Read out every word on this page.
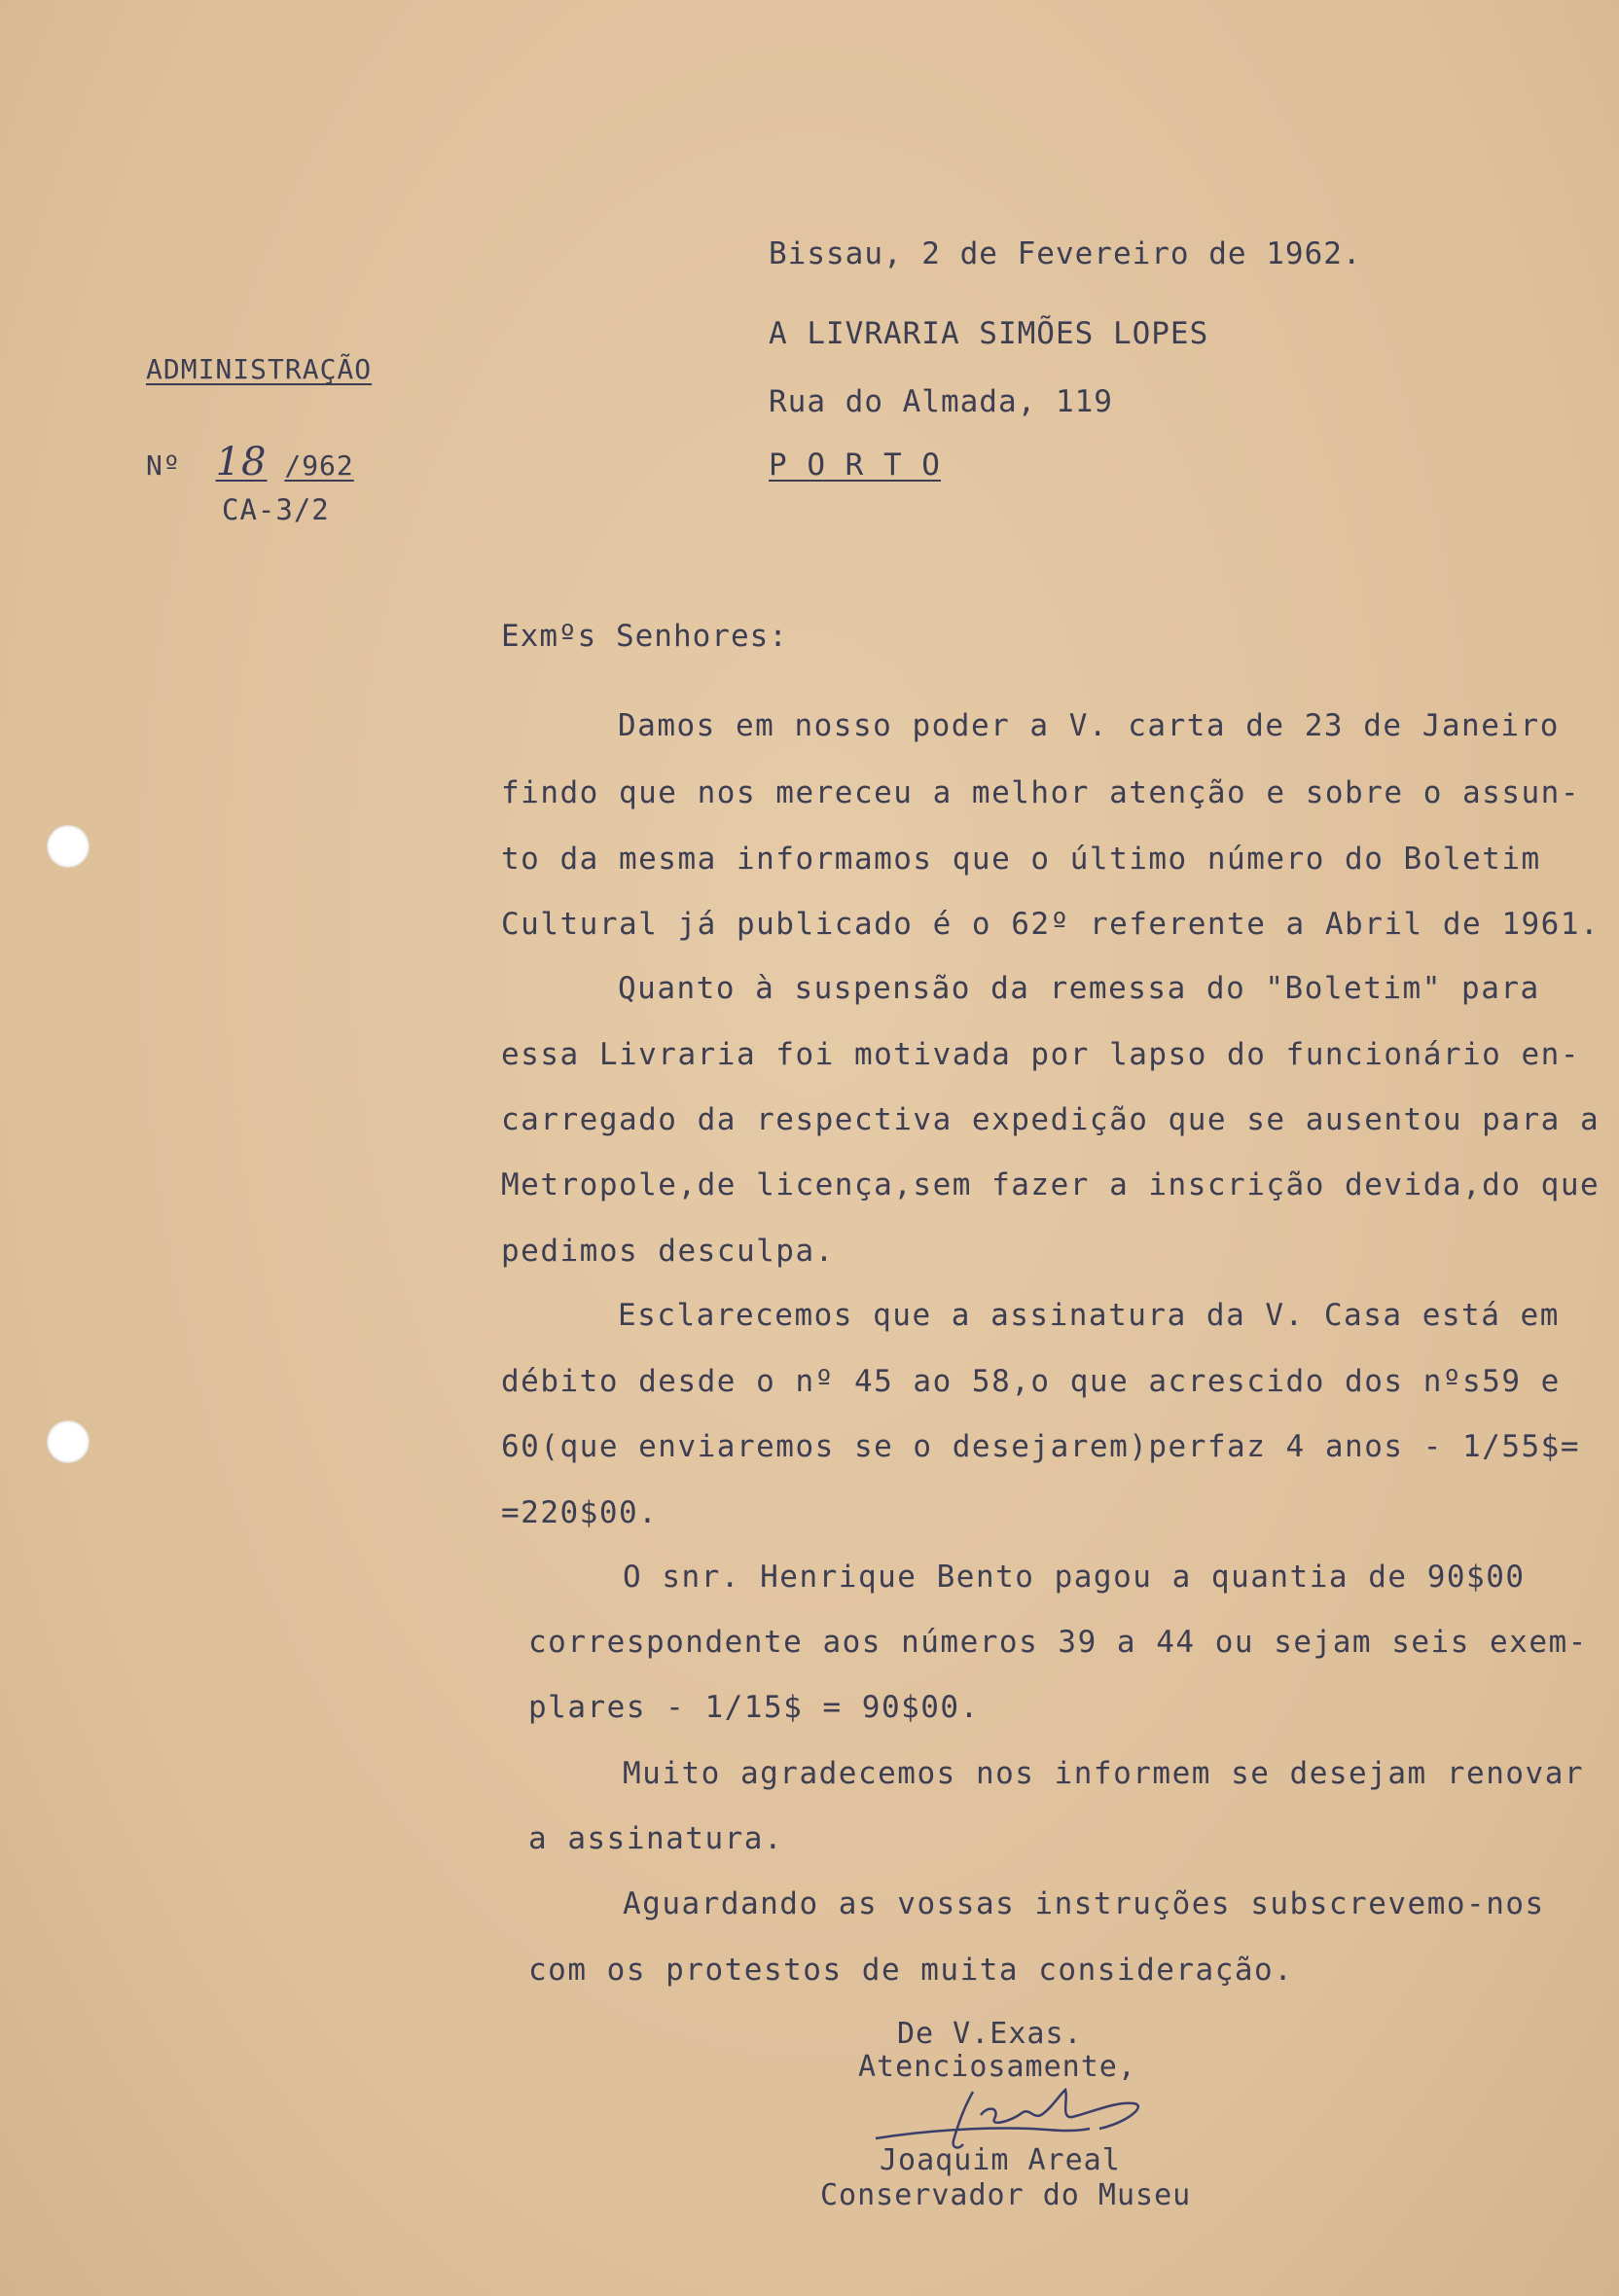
ADMINISTRAÇÃO
Nº 18 /962
CA-3/2
Bissau, 2 de Fevereiro de 1962.
A LIVRARIA SIMÕES LOPES
Rua do Almada, 119
P O R T O
Exmºs Senhores:
Damos em nosso poder a V. carta de 23 de Janeiro
findo que nos mereceu a melhor atenção e sobre o assun-
to da mesma informamos que o último número do Boletim
Cultural já publicado é o 62º referente a Abril de 1961.
Quanto à suspensão da remessa do "Boletim" para
essa Livraria foi motivada por lapso do funcionário en-
carregado da respectiva expedição que se ausentou para a
Metropole,de licença,sem fazer a inscrição devida,do que
pedimos desculpa.
Esclarecemos que a assinatura da V. Casa está em
débito desde o nº 45 ao 58,o que acrescido dos nºs59 e
60(que enviaremos se o desejarem)perfaz 4 anos - 1/55$=
=220$00.
O snr. Henrique Bento pagou a quantia de 90$00
correspondente aos números 39 a 44 ou sejam seis exem-
plares - 1/15$ = 90$00.
Muito agradecemos nos informem se desejam renovar
a assinatura.
Aguardando as vossas instruções subscrevemo-nos
com os protestos de muita consideração.
De V.Exas.
Atenciosamente,
Joaquim Areal
Conservador do Museu
